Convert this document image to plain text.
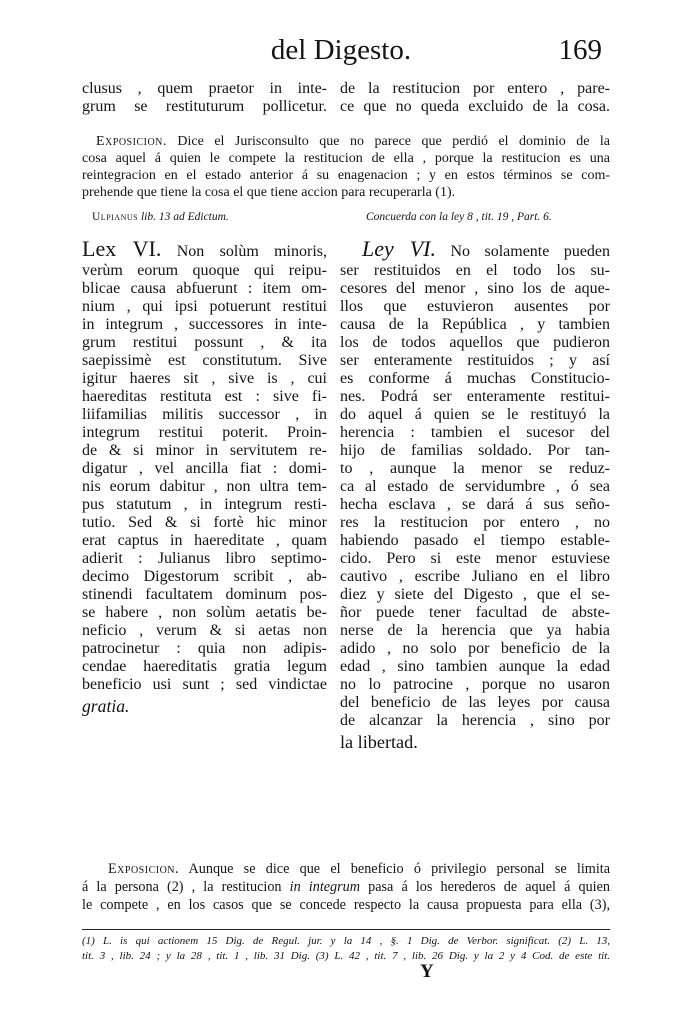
del Digesto.	169
clusus , quem praetor in inte-
grum se restituturum pollicetur.
de la restitucion por entero , pare-
ce que no queda excluido de la cosa.
Exposicion. Dice el Jurisconsulto que no parece que perdió el dominio de la
cosa aquel á quien le compete la restitucion de ella , porque la restitucion es una
reintegracion en el estado anterior á su enagenacion ; y en estos términos se com-
prehende que tiene la cosa el que tiene accion para recuperarla (1).
Ulpianus lib. 13 ad Edictum.	Concuerda con la ley 8 , tit. 19 , Part. 6.
Lex VI. Non solùm minoris,
verùm eorum quoque qui reipu-
blicae causa abfuerunt : item om-
nium , qui ipsi potuerunt restitui
in integrum , successores in inte-
grum restitui possunt , & ita
saepissimè est constitutum. Sive
igitur haeres sit , sive is , cui
haereditas restituta est : sive fi-
liifamilias militis successor , in
integrum restitui poterit. Proin-
de & si minor in servitutem re-
digatur , vel ancilla fiat : domi-
nis eorum dabitur , non ultra tem-
pus statutum , in integrum resti-
tutio. Sed & si fortè hic minor
erat captus in haereditate , quam
adierit : Julianus libro septimo-
decimo Digestorum scribit , ab-
stinendi facultatem dominum pos-
se habere , non solùm aetatis be-
neficio , verum & si aetas non
patrocinetur : quia non adipis-
cendae haereditatis gratia legum
beneficio usi sunt ; sed vindictae
gratia.
Ley VI. No solamente pueden
ser restituidos en el todo los su-
cesores del menor , sino los de aque-
llos que estuvieron ausentes por
causa de la República , y tambien
los de todos aquellos que pudieron
ser enteramente restituidos ; y así
es conforme á muchas Constitucio-
nes. Podrá ser enteramente restitui-
do aquel á quien se le restituyó la
herencia : tambien el sucesor del
hijo de familias soldado. Por tan-
to , aunque la menor se reduz-
ca al estado de servidumbre , ó sea
hecha esclava , se dará á sus seño-
res la restitucion por entero , no
habiendo pasado el tiempo estable-
cido. Pero si este menor estuviese
cautivo , escribe Juliano en el libro
diez y siete del Digesto , que el se-
ñor puede tener facultad de abste-
nerse de la herencia que ya habia
adido , no solo por beneficio de la
edad , sino tambien aunque la edad
no lo patrocine , porque no usaron
del beneficio de las leyes por causa
de alcanzar la herencia , sino por
la libertad.
Exposicion. Aunque se dice que el beneficio ó privilegio personal se limita
á la persona (2) , la restitucion in integrum pasa á los herederos de aquel á quien
le compete , en los casos que se concede respecto la causa propuesta para ella (3),
(1) L. is qui actionem 15 Dig. de Regul. jur. y la 14 , §. 1 Dig. de Verbor. significat. (2) L. 13,
tit. 3 , lib. 24 ; y la 28 , tit. 1 , lib. 31 Dig. (3) L. 42 , tit. 7 , lib. 26 Dig. y la 2 y 4 Cod. de este tit.
Y
